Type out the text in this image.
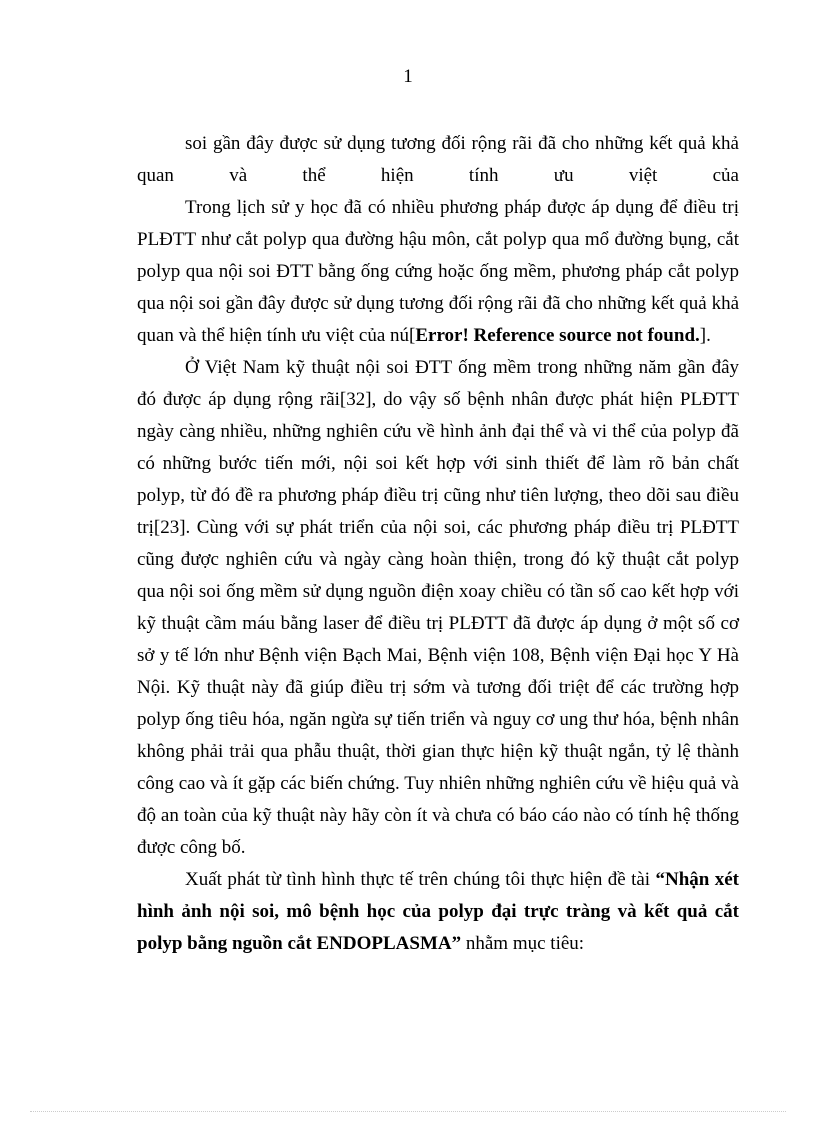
1

soi gần đây được sử dụng tương đối rộng rãi đã cho những kết quả khả

quan và thể hiện tính ưu việt của

Trong lịch sử y học đã có nhiều phương pháp được áp dụng để điều trị PLĐTT như cắt polyp qua đường hậu môn, cắt polyp qua mổ đường bụng, cắt polyp qua nội soi ĐTT bằng ống cứng hoặc ống mềm, phương pháp cắt polyp qua nội soi gần đây được sử dụng tương đối rộng rãi đã cho những kết quả khả quan và thể hiện tính ưu việt của nú[Error! Reference source not found.].

Ở Việt Nam kỹ thuật nội soi ĐTT ống mềm trong những năm gần đây đó được áp dụng rộng rãi[32], do vậy số bệnh nhân được phát hiện PLĐTT ngày càng nhiều, những nghiên cứu về hình ảnh đại thể và vi thể của polyp đã có những bước tiến mới, nội soi kết hợp với sinh thiết để làm rõ bản chất polyp, từ đó đề ra phương pháp điều trị cũng như tiên lượng, theo dõi sau điều trị[23]. Cùng với sự phát triển của nội soi, các phương pháp điều trị PLĐTT cũng được nghiên cứu và ngày càng hoàn thiện, trong đó kỹ thuật cắt polyp qua nội soi ống mềm sử dụng nguồn điện xoay chiều có tần số cao kết hợp với kỹ thuật cầm máu bằng laser để điều trị PLĐTT đã được áp dụng ở một số cơ sở y tế lớn như Bệnh viện Bạch Mai, Bệnh viện 108, Bệnh viện Đại học Y Hà Nội. Kỹ thuật này đã giúp điều trị sớm và tương đối triệt để các trường hợp polyp ống tiêu hóa, ngăn ngừa sự tiến triển và nguy cơ ung thư hóa, bệnh nhân không phải trải qua phẫu thuật, thời gian thực hiện kỹ thuật ngắn, tỷ lệ thành công cao và ít gặp các biến chứng. Tuy nhiên những nghiên cứu về hiệu quả và độ an toàn của kỹ thuật này hãy còn ít và chưa có báo cáo nào có tính hệ thống được công bố.

Xuất phát từ tình hình thực tế trên chúng tôi thực hiện đề tài “Nhận xét hình ảnh nội soi, mô bệnh học của polyp đại trực tràng và kết quả cắt polyp bằng nguồn cắt ENDOPLASMA” nhằm mục tiêu:
